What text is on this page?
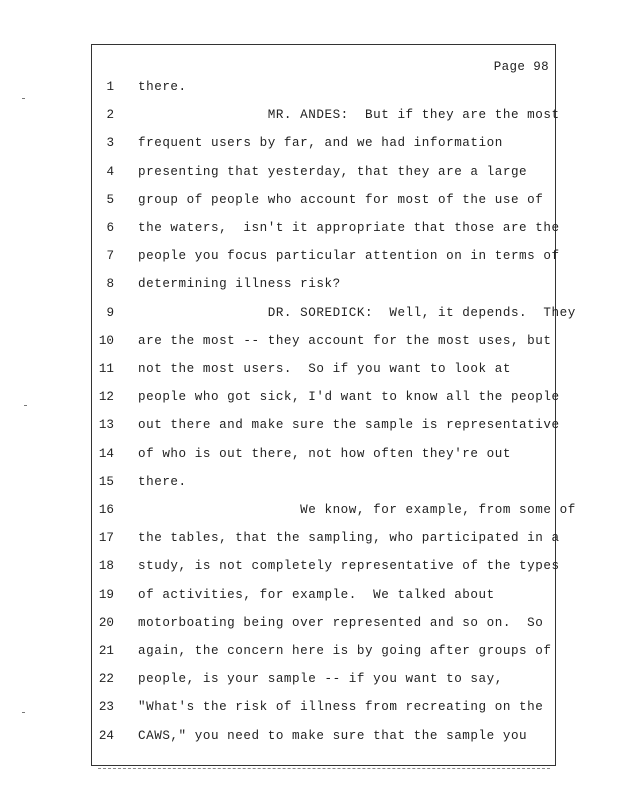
Page 98
1 there.
2 MR. ANDES:  But if they are the most
3 frequent users by far, and we had information
4 presenting that yesterday, that they are a large
5 group of people who account for most of the use of
6 the waters,  isn't it appropriate that those are the
7 people you focus particular attention on in terms of
8 determining illness risk?
9 DR. SOREDICK:  Well, it depends.  They
10 are the most -- they account for the most uses, but
11 not the most users.  So if you want to look at
12 people who got sick, I'd want to know all the people
13 out there and make sure the sample is representative
14 of who is out there, not how often they're out
15 there.
16 We know, for example, from some of
17 the tables, that the sampling, who participated in a
18 study, is not completely representative of the types
19 of activities, for example.  We talked about
20 motorboating being over represented and so on.  So
21 again, the concern here is by going after groups of
22 people, is your sample -- if you want to say,
23 "What's the risk of illness from recreating on the
24 CAWS," you need to make sure that the sample you
